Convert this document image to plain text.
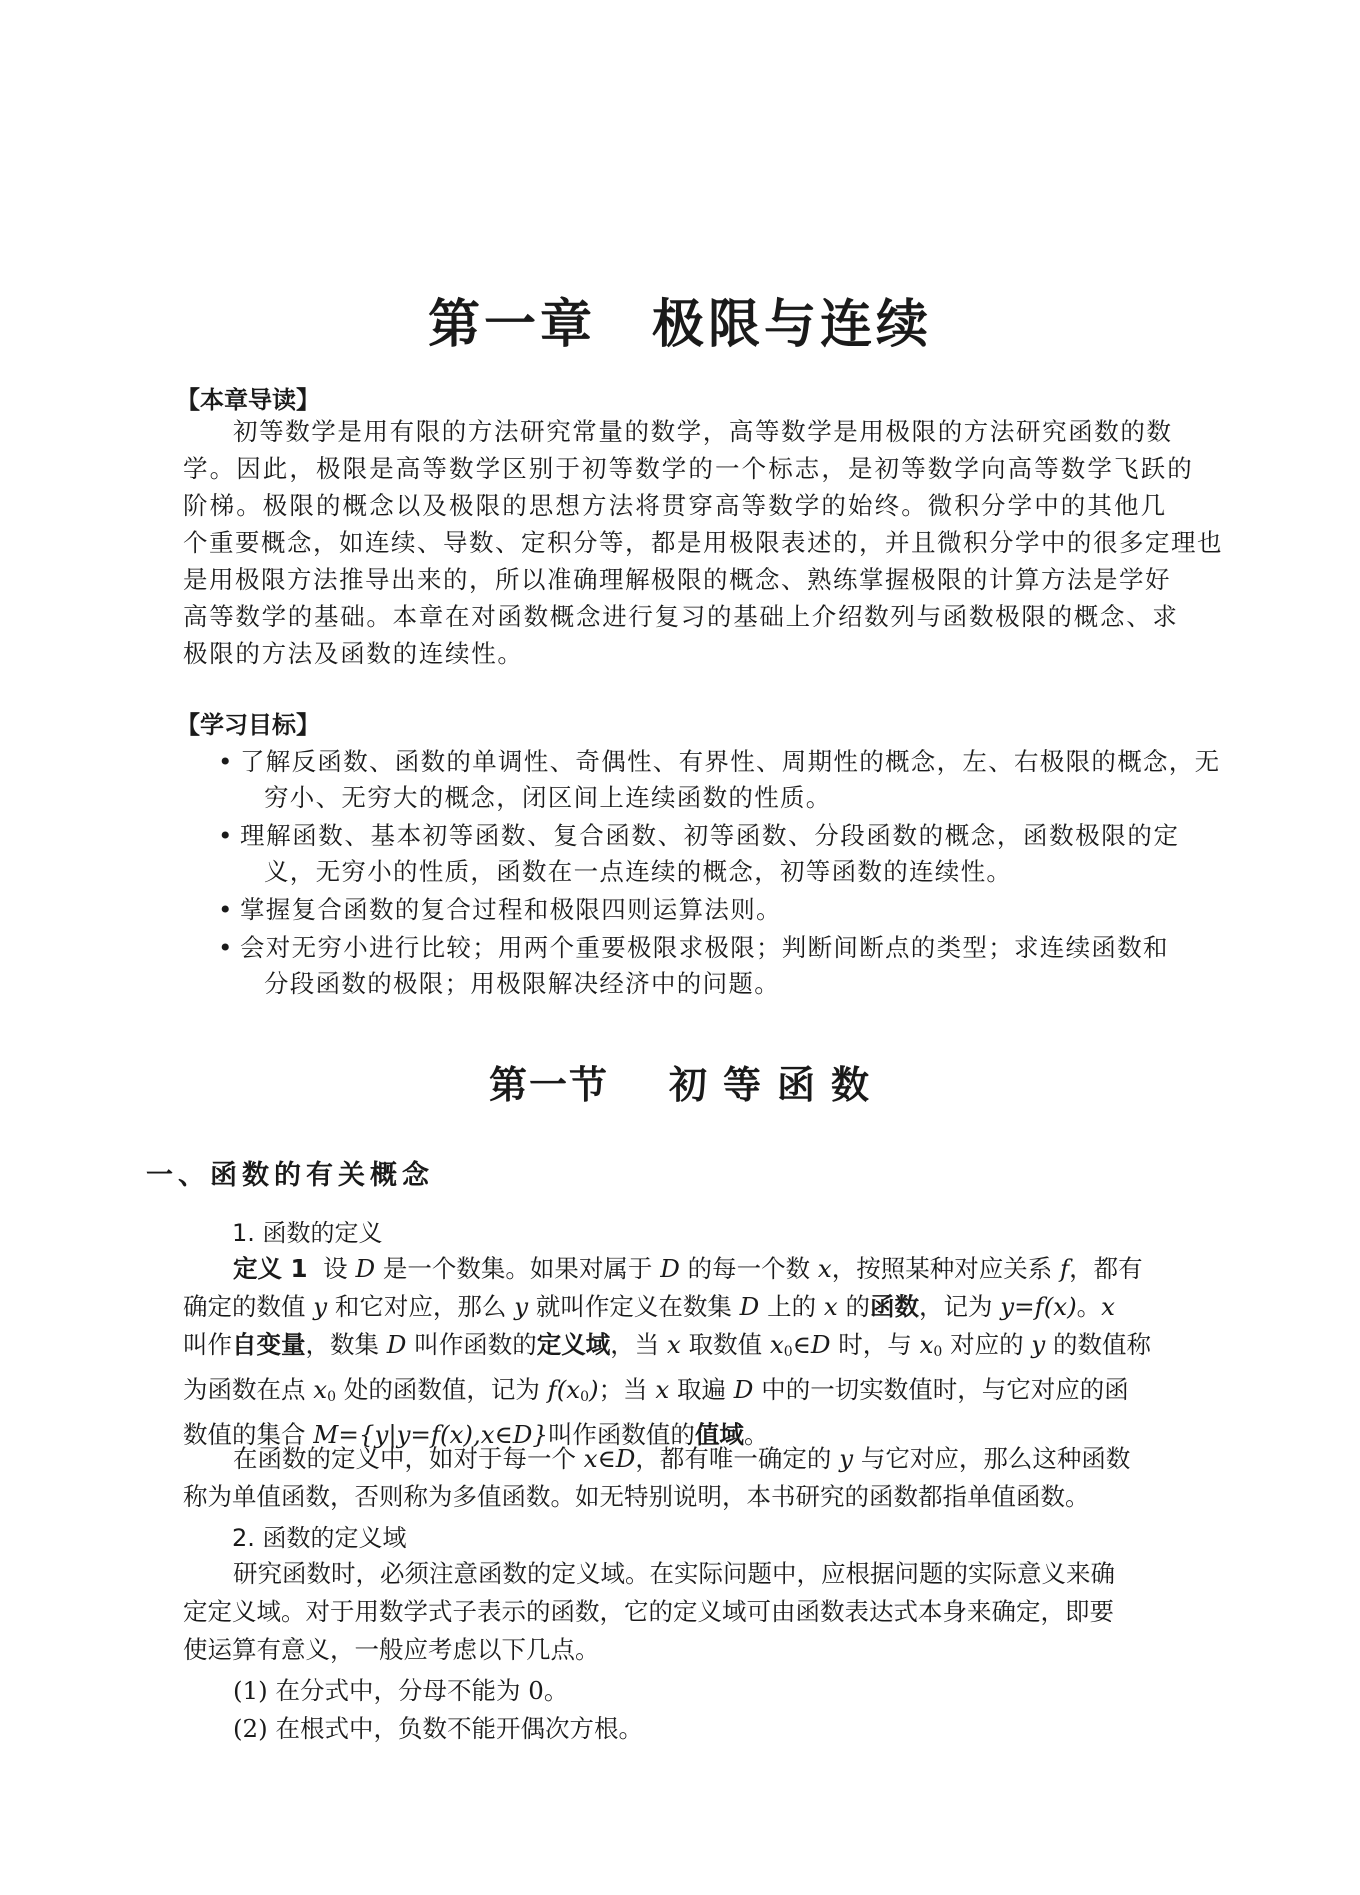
第一章 极限与连续

【本章导读】

初等数学是用有限的方法研究常量的数学，高等数学是用极限的方法研究函数的数
学。因此，极限是高等数学区别于初等数学的一个标志，是初等数学向高等数学飞跃的
阶梯。极限的概念以及极限的思想方法将贯穿高等数学的始终。微积分学中的其他几
个重要概念，如连续、导数、定积分等，都是用极限表述的，并且微积分学中的很多定理也
是用极限方法推导出来的，所以准确理解极限的概念、熟练掌握极限的计算方法是学好
高等数学的基础。本章在对函数概念进行复习的基础上介绍数列与函数极限的概念、求
极限的方法及函数的连续性。

【学习目标】

• 了解反函数、函数的单调性、奇偶性、有界性、周期性的概念，左、右极限的概念，无
穷小、无穷大的概念，闭区间上连续函数的性质。
• 理解函数、基本初等函数、复合函数、初等函数、分段函数的概念，函数极限的定
义，无穷小的性质，函数在一点连续的概念，初等函数的连续性。
• 掌握复合函数的复合过程和极限四则运算法则。
• 会对无穷小进行比较；用两个重要极限求极限；判断间断点的类型；求连续函数和
分段函数的极限；用极限解决经济中的问题。
第一节 初 等 函 数
一、函数的有关概念

1. 函数的定义

定义 1 设 D 是一个数集。如果对属于 D 的每一个数 x，按照某种对应关系 f，都有
确定的数值 y 和它对应，那么 y 就叫作定义在数集 D 上的 x 的函数，记为 y=f(x)。x
叫作自变量，数集 D 叫作函数的定义域，当 x 取数值 $x_0\in D$ 时，与 $x_0$ 对应的 y 的数值称
为函数在点 $x_0$ 处的函数值，记为 $f(x_0)$；当 x 取遍 D 中的一切实数值时，与它对应的函
数值的集合 M={y|y=f(x),x∈D}叫作函数值的值域。
在函数的定义中，如对于每一个 x∈D，都有唯一确定的 y 与它对应，那么这种函数
称为单值函数，否则称为多值函数。如无特别说明，本书研究的函数都指单值函数。

2. 函数的定义域

研究函数时，必须注意函数的定义域。在实际问题中，应根据问题的实际意义来确
定定义域。对于用数学式子表示的函数，它的定义域可由函数表达式本身来确定，即要
使运算有意义，一般应考虑以下几点。

(1) 在分式中，分母不能为 0。

(2) 在根式中，负数不能开偶次方根。
